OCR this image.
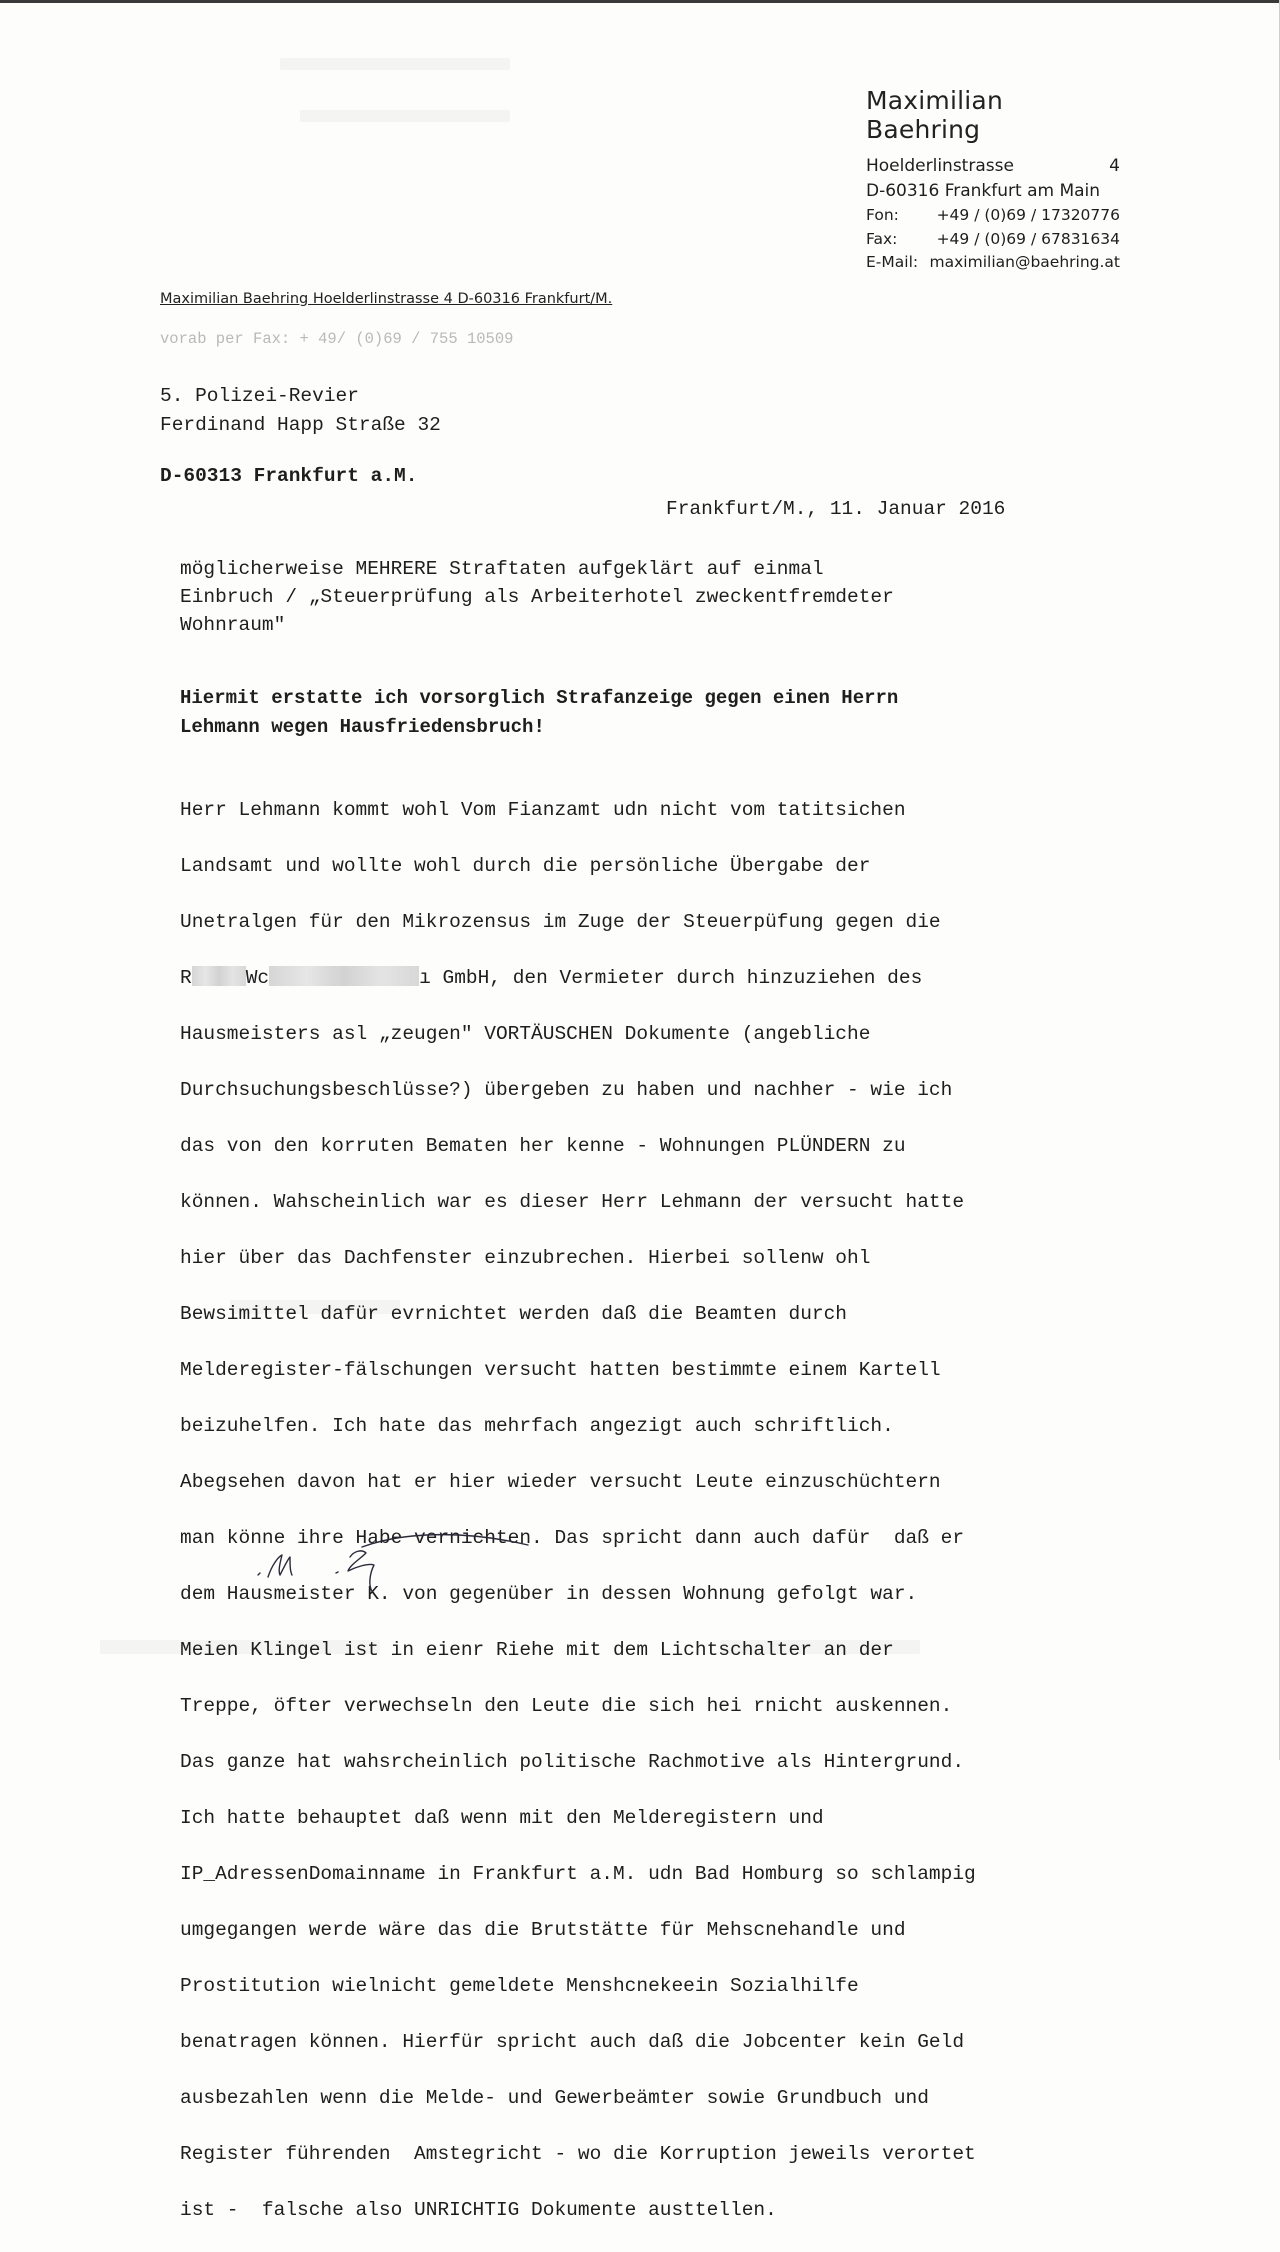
Maximilian Baehring
Hoelderlinstrasse	4
D-60316 Frankfurt am Main
Fon: +49 / (0)69 / 17320776
Fax:	+49 / (0)69 / 67831634
E-Mail: maximilian@baehring.at
Maximilian Baehring Hoelderlinstrasse 4 D-60316 Frankfurt/M.
vorab per Fax: + 49/ (0)69 / 755 10509
5. Polizei-Revier
Ferdinand Happ Straße 32
D-60313 Frankfurt a.M.
Frankfurt/M., 11. Januar 2016
möglicherweise MEHRERE Straftaten aufgeklärt auf einmal
Einbruch / „Steuerprüfung als Arbeiterhotel zweckentfremdeter
Wohnraum"
Hiermit erstatte ich vorsorglich Strafanzeige gegen einen Herrn
Lehmann wegen Hausfriedensbruch!

Herr Lehmann kommt wohl Vom Fianzamt udn nicht vom tatitsichen

Landsamt und wollte wohl durch die persönliche Übergabe der

Unetralgen für den Mikrozensus im Zuge der Steuerpüfung gegen die

R	Wc	ı GmbH, den Vermieter durch hinzuziehen des

Hausmeisters asl „zeugen" VORTÄUSCHEN Dokumente (angebliche

Durchsuchungsbeschlüsse?) übergeben zu haben und nachher - wie ich

das von den korruten Bematen her kenne - Wohnungen PLÜNDERN zu

können. Wahscheinlich war es dieser Herr Lehmann der versucht hatte

hier über das Dachfenster einzubrechen. Hierbei sollenw ohl

Bewsimittel dafür evrnichtet werden daß die Beamten durch

Melderegister-fälschungen versucht hatten bestimmte einem Kartell

beizuhelfen. Ich hate das mehrfach angezigt auch schriftlich.

Abegsehen davon hat er hier wieder versucht Leute einzuschüchtern

man könne ihre Habe vernichten. Das spricht dann auch dafür  daß er

dem Hausmeister K. von gegenüber in dessen Wohnung gefolgt war.

Meien Klingel ist in eienr Riehe mit dem Lichtschalter an der

Treppe, öfter verwechseln den Leute die sich hei rnicht auskennen.

Das ganze hat wahsrcheinlich politische Rachmotive als Hintergrund.

Ich hatte behauptet daß wenn mit den Melderegistern und

IP_AdressenDomainname in Frankfurt a.M. udn Bad Homburg so schlampig

umgegangen werde wäre das die Brutstätte für Mehscnehandle und

Prostitution wielnicht gemeldete Menshcnekeein Sozialhilfe

benatragen können. Hierfür spricht auch daß die Jobcenter kein Geld

ausbezahlen wenn die Melde- und Gewerbeämter sowie Grundbuch und

Register führenden  Amstegricht - wo die Korruption jeweils verortet

ist -  falsche also UNRICHTIG Dokumente austtellen.
